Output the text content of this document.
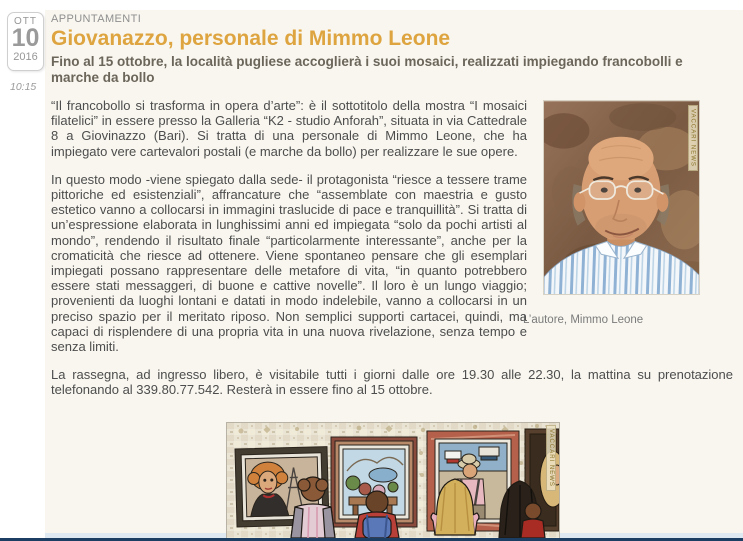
OTT
10
2016
10:15
APPUNTAMENTI
Giovanazzo, personale di Mimmo Leone
Fino al 15 ottobre, la località pugliese accoglierà i suoi mosaici, realizzati impiegando francobolli e marche da bollo
VACCARI NEWS
L’autore, Mimmo Leone

“Il francobollo si trasforma in opera d’arte”: è il sottotitolo della mostra “I mosaici filatelici” in essere presso la Galleria “K2 - studio Anforah”, situata in via Cattedrale 8 a Giovinazzo (Bari). Si tratta di una personale di Mimmo Leone, che ha impiegato vere cartevalori postali (e marche da bollo) per realizzare le sue opere.

In questo modo -viene spiegato dalla sede- il protagonista “riesce a tessere trame pittoriche ed esistenziali”, affrancature che “assemblate con maestria e gusto estetico vanno a collocarsi in immagini traslucide di pace e tranquillità”. Si tratta di un’espressione elaborata in lunghissimi anni ed impiegata “solo da pochi artisti al mondo”, rendendo il risultato finale “particolarmente interessante”, anche per la cromaticità che riesce ad ottenere. Viene spontaneo pensare che gli esemplari impiegati possano rappresentare delle metafore di vita, “in quanto potrebbero essere stati messaggeri, di buone e cattive novelle”. Il loro è un lungo viaggio; provenienti da luoghi lontani e datati in modo indelebile, vanno a collocarsi in un preciso spazio per il meritato riposo. Non semplici supporti cartacei, quindi, ma capaci di risplendere di una propria vita in una nuova rivelazione, senza tempo e senza limiti.

La rassegna, ad ingresso libero, è visitabile tutti i giorni dalle ore 19.30 alle 22.30, la mattina su prenotazione telefonando al 339.80.77.542. Resterà in essere fino al 15 ottobre.

VACCARI NEWS
